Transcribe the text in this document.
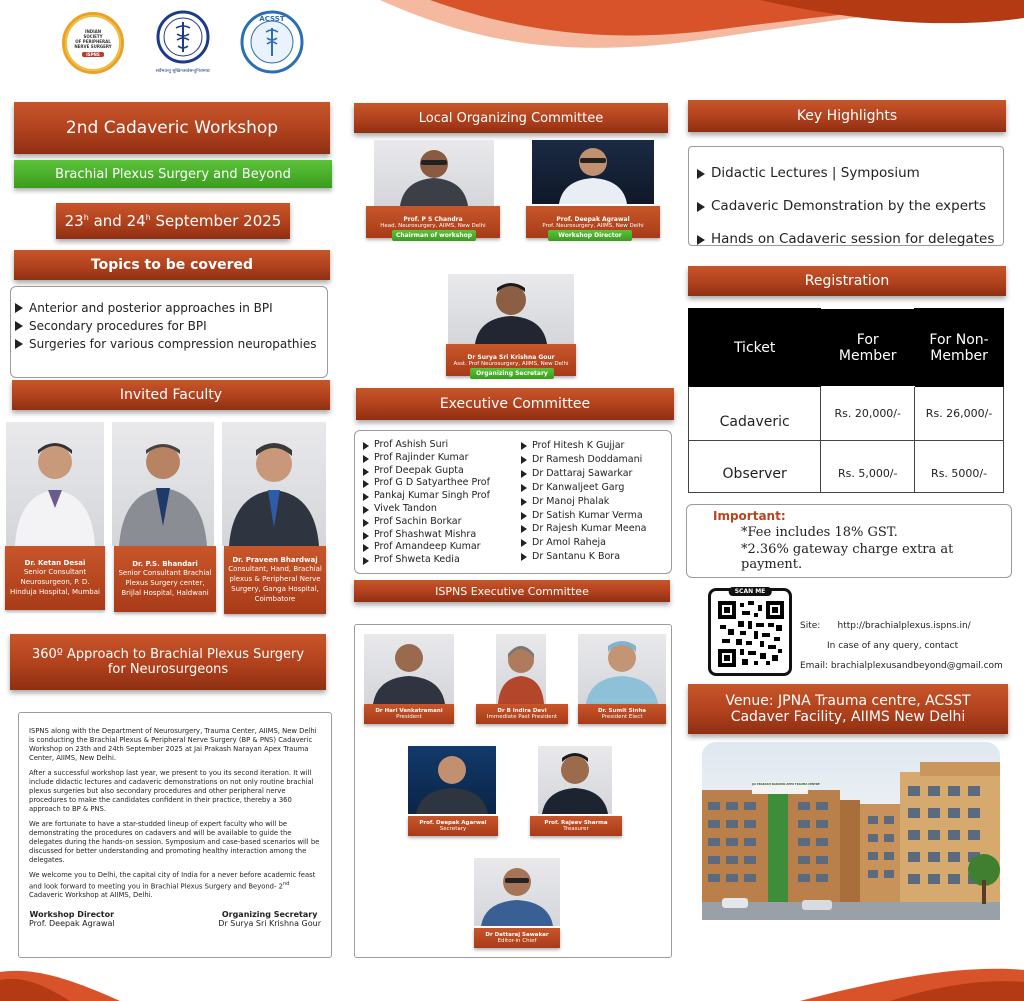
INDIAN
SOCIETY
OF PERIPHERAL
NERVE SURGERY
ISPNS
सर्वेभवन्तु सुखिनःसर्वसन्तुनिरामयाः
ACSST
2nd Cadaveric Workshop
Brachial Plexus Surgery and Beyond
23$^h$ and 24$^h$ September 2025
Topics to be covered
Anterior and posterior approaches in BPI
Secondary procedures for BPI
Surgeries for various compression neuropathies
Invited Faculty
Dr. Ketan Desai
Senior Consultant Neurosurgeon, P. D. Hinduja Hospital, Mumbai
Dr. P.S. Bhandari
Senior Consultant Brachial Plexus Surgery center, Brijlal Hospital, Haldwani
Dr. Praveen Bhardwaj
Consultant, Hand, Brachial plexus & Peripheral Nerve Surgery, Ganga Hospital, Coimbatore
360º Approach to Brachial Plexus Surgery
for Neurosurgeons

ISPNS along with the Department of Neurosurgery, Trauma Center, AIIMS, New Delhi is conducting the Brachial Plexus & Peripheral Nerve Surgery (BP & PNS) Cadaveric Workshop on 23th and 24th September 2025 at Jai Prakash Narayan Apex Trauma Center, AIIMS, New Delhi.

After a successful workshop last year, we present to you its second iteration. It will include didactic lectures and cadaveric demonstrations on not only routine brachial plexus surgeries but also secondary procedures and other peripheral nerve procedures to make the candidates confident in their practice, thereby a 360 approach to BP & PNS.

We are fortunate to have a star-studded lineup of expert faculty who will be demonstrating the procedures on cadavers and will be available to guide the delegates during the hands-on session. Symposium and case-based scenarios will be discussed for better understanding and promoting healthy interaction among the delegates.

We welcome you to Delhi, the capital city of India for a never before academic feast and look forward to meeting you in Brachial Plexus Surgery and Beyond- 2nd Cadaveric Workshop at AIIMS, Delhi.

Workshop Director
Prof. Deepak Agrawal
Organizing Secretary
Dr Surya Sri Krishna Gour
Local Organizing Committee
Prof. P S Chandra
Head, Neurosurgery, AIIMS, New Delhi
Chairman of workshop
Prof. Deepak Agrawal
Prof. Neurosurgery, AIIMS, New Delhi
Workshop Director
Dr Surya Sri Krishna Gour
Asst. Prof Neurosurgery, AIIMS, New Delhi
Organizing Secretary
Executive Committee
Prof Ashish Suri
Prof Rajinder Kumar
Prof Deepak Gupta
Prof G D Satyarthee Prof
Pankaj Kumar Singh Prof
Vivek Tandon
Prof Sachin Borkar
Prof Shashwat Mishra
Prof Amandeep Kumar
Prof Shweta Kedia
Prof Hitesh K Gujjar
Dr Ramesh Doddamani
Dr Dattaraj Sawarkar
Dr Kanwaljeet Garg
Dr Manoj Phalak
Dr Satish Kumar Verma
Dr Rajesh Kumar Meena
Dr Amol Raheja
Dr Santanu K Bora
ISPNS Executive Committee
Dr Hari Venkatramani
President
Dr B Indira Devi
Immediate Past President
Dr. Sumit Sinha
President Elect
Prof. Deepak Agarwal
Secretary
Prof. Rajeev Sharma
Treasurer
Dr Dattaraj Sawakar
Editor-in Chief
Key Highlights
Didactic Lectures | Symposium
Cadaveric Demonstration by the experts
Hands on Cadaveric session for delegates
Registration
Ticket	For Member	For Non-Member
Cadaveric	Rs. 20,000/-	Rs. 26,000/-
Observer	Rs. 5,000/-	Rs. 5000/-
Important:
*Fee includes 18% GST.
*2.36% gateway charge extra at payment.
SCAN ME
Site: http://brachialplexus.ispns.in/
In case of any query, contact
Email: brachialplexusandbeyond@gmail.com
Venue: JPNA Trauma centre, ACSST
Cadaver Facility, AIIMS New Delhi
JAI PRAKASH NARAYAN APEX TRAUMA CENTRE
